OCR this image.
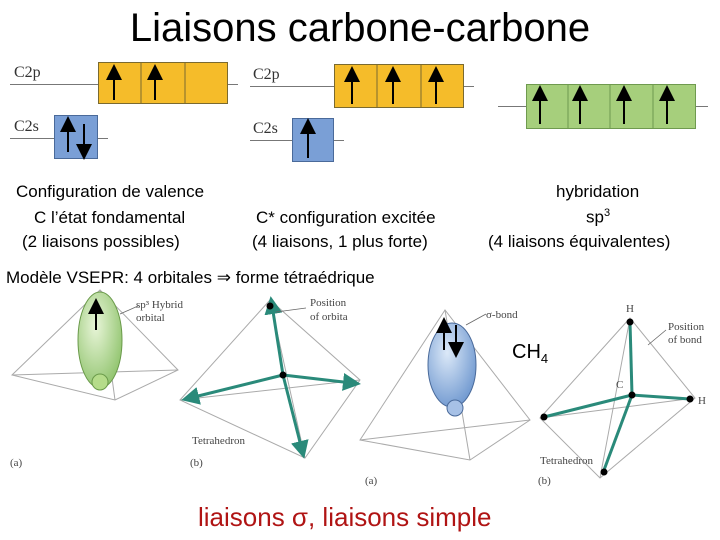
Liaisons carbone-carbone
C2p
C2s
C2p
C2s
Configuration de valence
C l’état fondamental
(2 liaisons possibles)
C* configuration excitée
(4 liaisons, 1 plus forte)
hybridation
$sp^3$
(4 liaisons équivalentes)
Modèle VSEPR: 4 orbitales ⇒ forme tétraédrique
sp³ Hybrid
orbital
(a)
Position
of orbita
Tetrahedron
(b)
σ-bond
$CH_4$
(a)
H
Position
of bond
C
H
Tetrahedron
(b)
liaisons σ, liaisons simple
